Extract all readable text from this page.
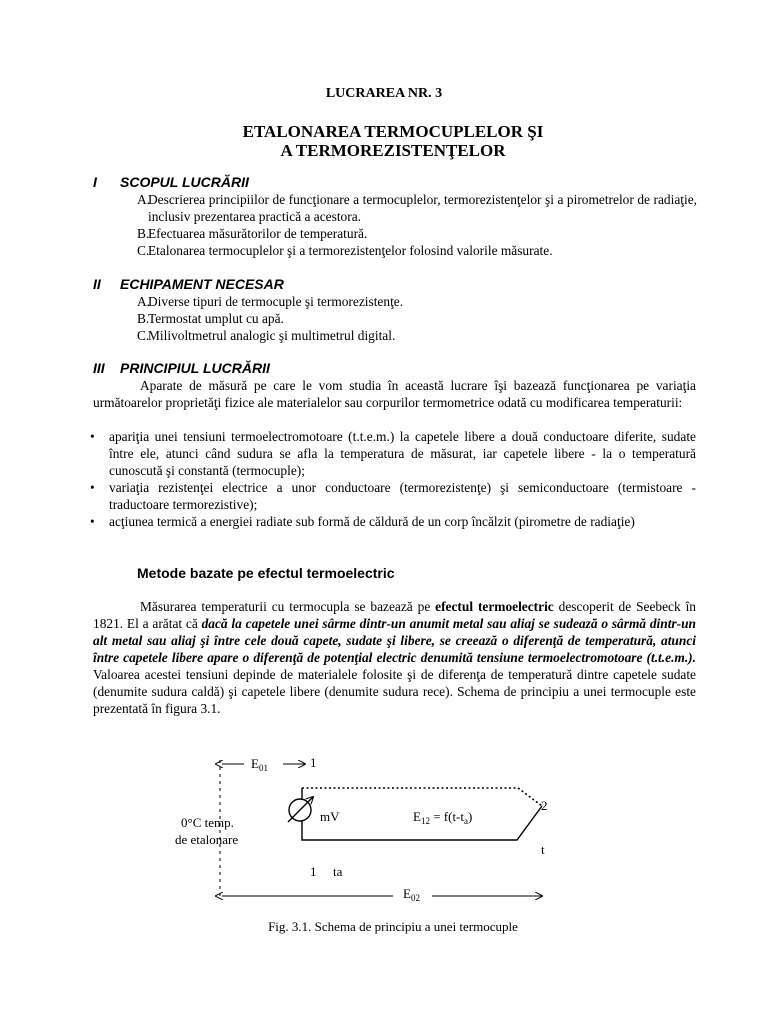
LUCRAREA NR. 3
ETALONAREA TERMOCUPLELOR ŞI
A TERMOREZISTENŢELOR
I SCOPUL LUCRĂRII
A.
Descrierea principiilor de funcţionare a termocuplelor, termorezistenţelor şi a pirometrelor de radiaţie, inclusiv prezentarea practică a acestora.
B.
Efectuarea măsurătorilor de temperatură.
C.
Etalonarea termocuplelor şi a termorezistenţelor folosind valorile măsurate.
II ECHIPAMENT NECESAR
A.
Diverse tipuri de termocuple şi termorezistenţe.
B.
Termostat umplut cu apă.
C.
Milivoltmetrul analogic şi multimetrul digital.
III PRINCIPIUL LUCRĂRII
Aparate de măsură pe care le vom studia în această lucrare îşi bazează funcţionarea pe variaţia următoarelor proprietăţi fizice ale materialelor sau corpurilor termometrice odată cu modificarea temperaturii:
• apariţia unei tensiuni termoelectromotoare (t.t.e.m.) la capetele libere a două conductoare diferite, sudate între ele, atunci când sudura se afla la temperatura de măsurat, iar capetele libere - la o temperatură cunoscută şi constantă (termocuple);
• variaţia rezistenţei electrice a unor conductoare (termorezistenţe) şi semiconductoare (termistoare - traductoare termorezistive);
• acţiunea termică a energiei radiate sub formă de căldură de un corp încălzit (pirometre de radiaţie)
Metode bazate pe efectul termoelectric
Măsurarea temperaturii cu termocupla se bazează pe efectul termoelectric descoperit de Seebeck în 1821. El a arătat că dacă la capetele unei sârme dintr-un anumit metal sau aliaj se sudează o sârmă dintr-un alt metal sau aliaj şi între cele două capete, sudate şi libere, se creează o diferenţă de temperatură, atunci între capetele libere apare o diferenţă de potenţial electric denumită tensiune termoelectromotoare (t.t.e.m.). Valoarea acestei tensiuni depinde de materialele folosite şi de diferenţa de temperatură dintre capetele sudate (denumite sudura caldă) şi capetele libere (denumite sudura rece). Schema de principiu a unei termocuple este prezentată în figura 3.1.
$E_{01}$	1
mV	$E_{12} = f(t-t_a)$
2
t
0°C temp.
de etalonare
1 ta
$E_{02}$
Fig. 3.1. Schema de principiu a unei termocuple
